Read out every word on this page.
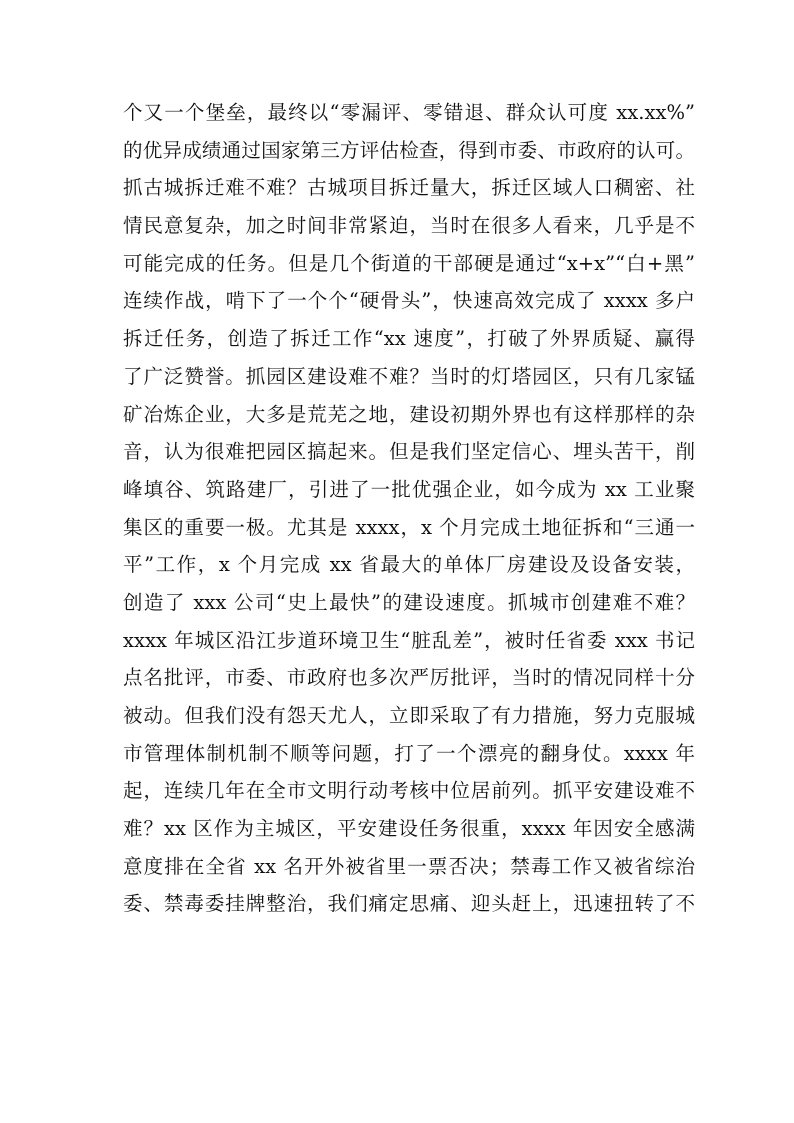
个又一个堡垒，最终以“零漏评、零错退、群众认可度 xx.xx%”
的优异成绩通过国家第三方评估检查，得到市委、市政府的认可。
抓古城拆迁难不难？古城项目拆迁量大，拆迁区域人口稠密、社
情民意复杂，加之时间非常紧迫，当时在很多人看来，几乎是不
可能完成的任务。但是几个街道的干部硬是通过“x+x”“白+黑”
连续作战，啃下了一个个“硬骨头”，快速高效完成了 xxxx 多户
拆迁任务，创造了拆迁工作“xx 速度”，打破了外界质疑、赢得
了广泛赞誉。抓园区建设难不难？当时的灯塔园区，只有几家锰
矿冶炼企业，大多是荒芜之地，建设初期外界也有这样那样的杂
音，认为很难把园区搞起来。但是我们坚定信心、埋头苦干，削
峰填谷、筑路建厂，引进了一批优强企业，如今成为 xx 工业聚
集区的重要一极。尤其是 xxxx，x 个月完成土地征拆和“三通一
平”工作，x 个月完成 xx 省最大的单体厂房建设及设备安装，
创造了 xxx 公司“史上最快”的建设速度。抓城市创建难不难？
xxxx 年城区沿江步道环境卫生“脏乱差”，被时任省委 xxx 书记
点名批评，市委、市政府也多次严厉批评，当时的情况同样十分
被动。但我们没有怨天尤人，立即采取了有力措施，努力克服城
市管理体制机制不顺等问题，打了一个漂亮的翻身仗。xxxx 年
起，连续几年在全市文明行动考核中位居前列。抓平安建设难不
难？xx 区作为主城区，平安建设任务很重，xxxx 年因安全感满
意度排在全省 xx 名开外被省里一票否决；禁毒工作又被省综治
委、禁毒委挂牌整治，我们痛定思痛、迎头赶上，迅速扭转了不
